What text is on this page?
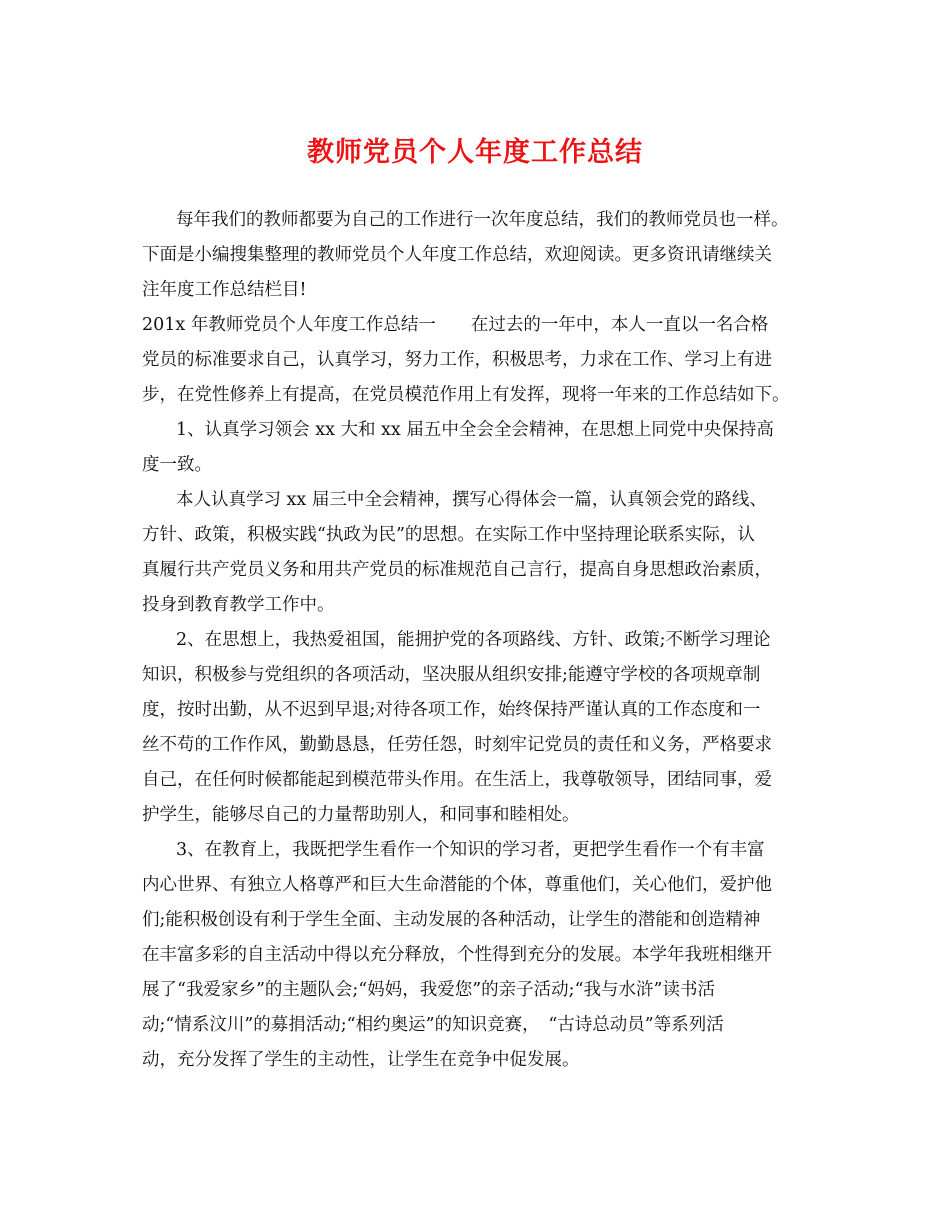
教师党员个人年度工作总结
每年我们的教师都要为自己的工作进行一次年度总结，我们的教师党员也一样。
下面是小编搜集整理的教师党员个人年度工作总结，欢迎阅读。更多资讯请继续关
注年度工作总结栏目!
201x 年教师党员个人年度工作总结一　　在过去的一年中，本人一直以一名合格
党员的标准要求自己，认真学习，努力工作，积极思考，力求在工作、学习上有进
步，在党性修养上有提高，在党员模范作用上有发挥，现将一年来的工作总结如下。
1、认真学习领会 xx 大和 xx 届五中全会全会精神，在思想上同党中央保持高
度一致。
本人认真学习 xx 届三中全会精神，撰写心得体会一篇，认真领会党的路线、
方针、政策，积极实践“执政为民”的思想。在实际工作中坚持理论联系实际，认
真履行共产党员义务和用共产党员的标准规范自己言行，提高自身思想政治素质，
投身到教育教学工作中。
2、在思想上，我热爱祖国，能拥护党的各项路线、方针、政策;不断学习理论
知识，积极参与党组织的各项活动，坚决服从组织安排;能遵守学校的各项规章制
度，按时出勤，从不迟到早退;对待各项工作，始终保持严谨认真的工作态度和一
丝不苟的工作作风，勤勤恳恳，任劳任怨，时刻牢记党员的责任和义务，严格要求
自己，在任何时候都能起到模范带头作用。在生活上，我尊敬领导，团结同事，爱
护学生，能够尽自己的力量帮助别人，和同事和睦相处。
3、在教育上，我既把学生看作一个知识的学习者，更把学生看作一个有丰富
内心世界、有独立人格尊严和巨大生命潜能的个体，尊重他们，关心他们，爱护他
们;能积极创设有利于学生全面、主动发展的各种活动，让学生的潜能和创造精神
在丰富多彩的自主活动中得以充分释放，个性得到充分的发展。本学年我班相继开
展了“我爱家乡”的主题队会;“妈妈，我爱您”的亲子活动;“我与水浒”读书活
动;“情系汶川”的募捐活动;“相约奥运”的知识竞赛，　“古诗总动员”等系列活
动，充分发挥了学生的主动性，让学生在竞争中促发展。
